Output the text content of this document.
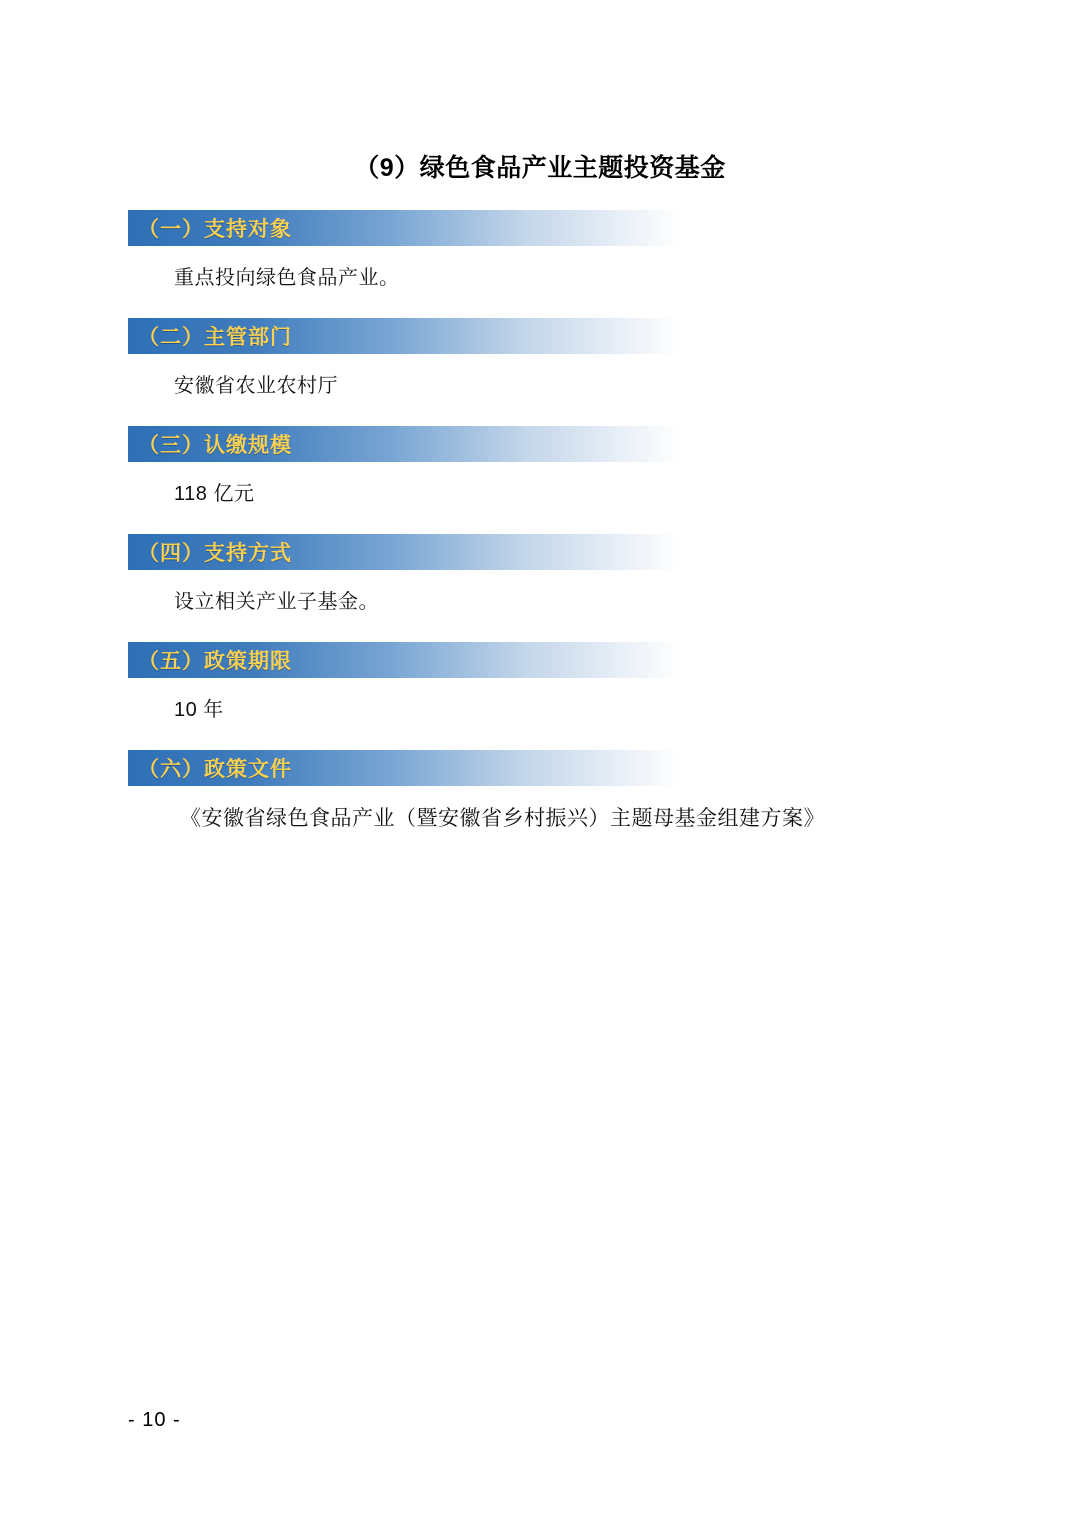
（9）绿色食品产业主题投资基金
（一）支持对象
重点投向绿色食品产业。
（二）主管部门
安徽省农业农村厅
（三）认缴规模
118 亿元
（四）支持方式
设立相关产业子基金。
（五）政策期限
10 年
（六）政策文件
《安徽省绿色食品产业（暨安徽省乡村振兴）主题母基金组建方案》
- 10 -
